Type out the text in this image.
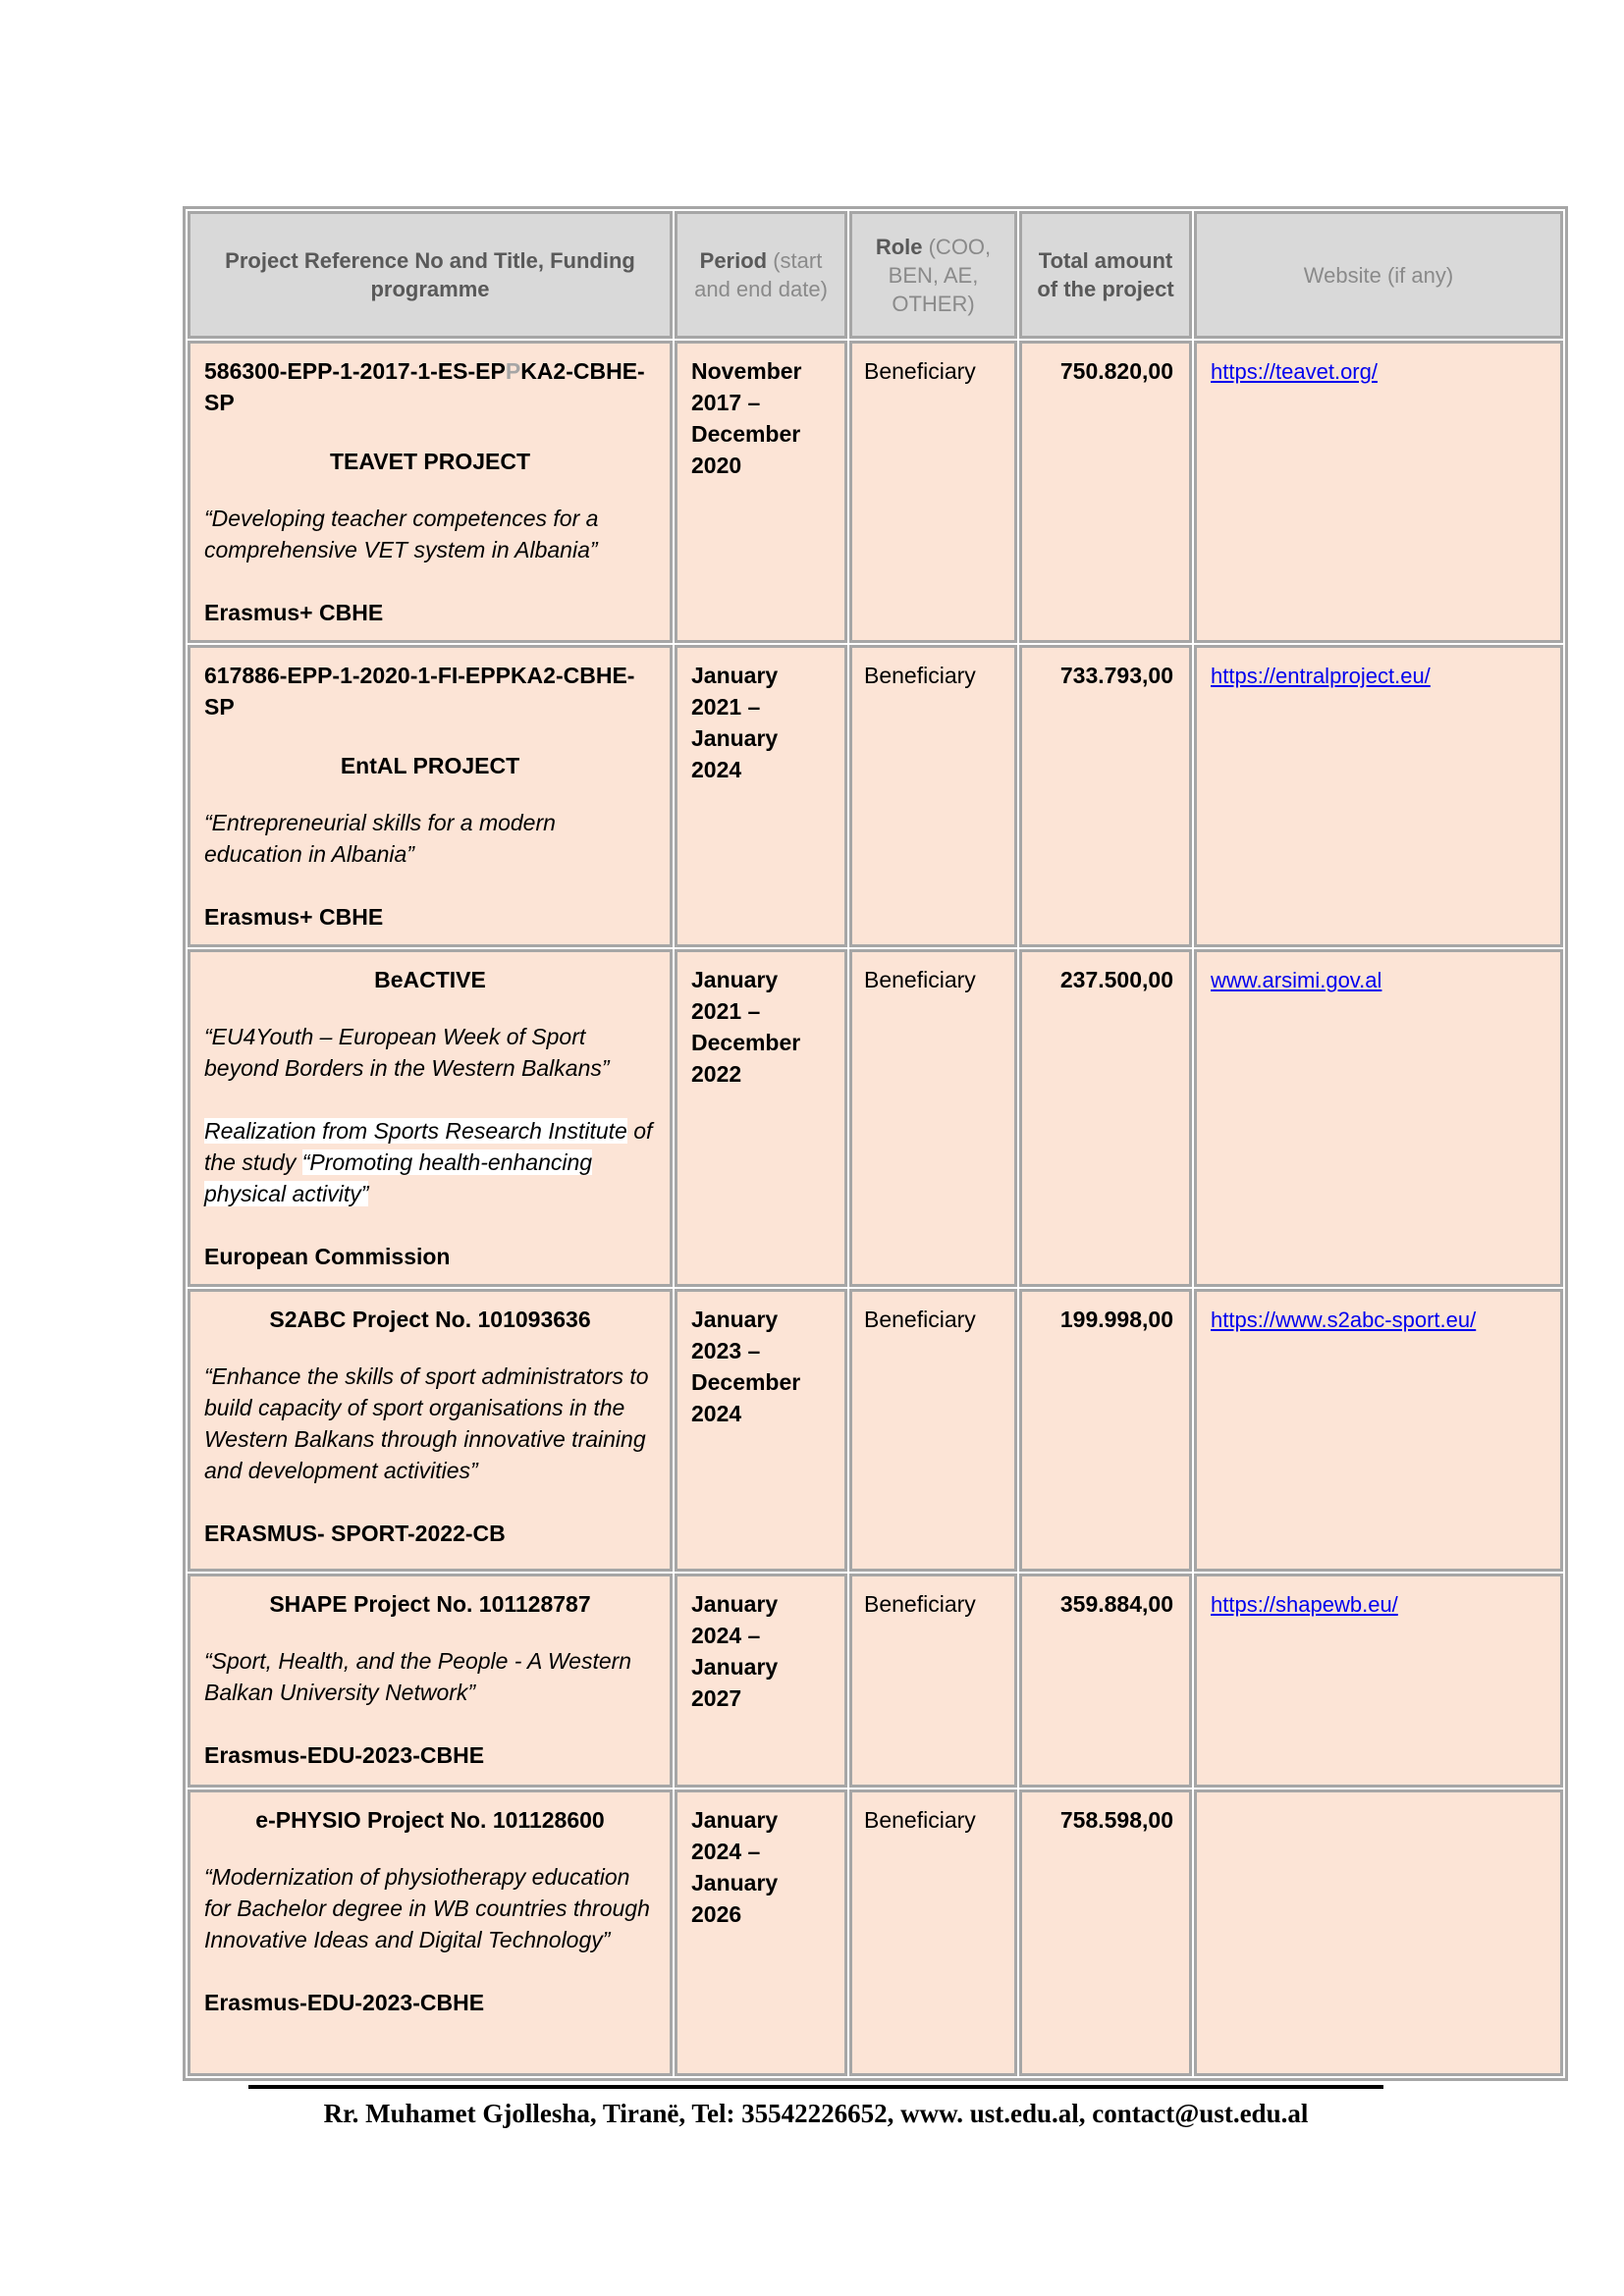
Project Reference No and Title, Funding programme	Period (start and end date)	Role (COO, BEN, AE, OTHER)	Total amount of the project	Website (if any)

586300-EPP-1-2017-1-ES-EPPKA2-CBHE-SP
TEAVET PROJECT
“Developing teacher competences for a comprehensive VET system in Albania”
Erasmus+ CBHE	November 2017 – December 2020	Beneficiary	750.820,00	https://teavet.org/

617886-EPP-1-2020-1-FI-EPPKA2-CBHE-SP
EntAL PROJECT
“Entrepreneurial skills for a modern education in Albania”
Erasmus+ CBHE	January 2021 – January 2024	Beneficiary	733.793,00	https://entralproject.eu/

BeACTIVE
“EU4Youth – European Week of Sport beyond Borders in the Western Balkans”
Realization from Sports Research Institute of the study “Promoting health-enhancing physical activity”
European Commission	January 2021 – December 2022	Beneficiary	237.500,00	www.arsimi.gov.al

S2ABC Project No. 101093636
“Enhance the skills of sport administrators to build capacity of sport organisations in the Western Balkans through innovative training and development activities”
ERASMUS- SPORT-2022-CB	January 2023 – December 2024	Beneficiary	199.998,00	https://www.s2abc-sport.eu/

SHAPE Project No. 101128787
“Sport, Health, and the People - A Western Balkan University Network”
Erasmus-EDU-2023-CBHE	January 2024 – January 2027	Beneficiary	359.884,00	https://shapewb.eu/

e-PHYSIO Project No. 101128600
“Modernization of physiotherapy education for Bachelor degree in WB countries through Innovative Ideas and Digital Technology”
Erasmus-EDU-2023-CBHE	January 2024 – January 2026	Beneficiary	758.598,00	
Rr. Muhamet Gjollesha, Tiranë, Tel: 35542226652, www. ust.edu.al, contact@ust.edu.al
